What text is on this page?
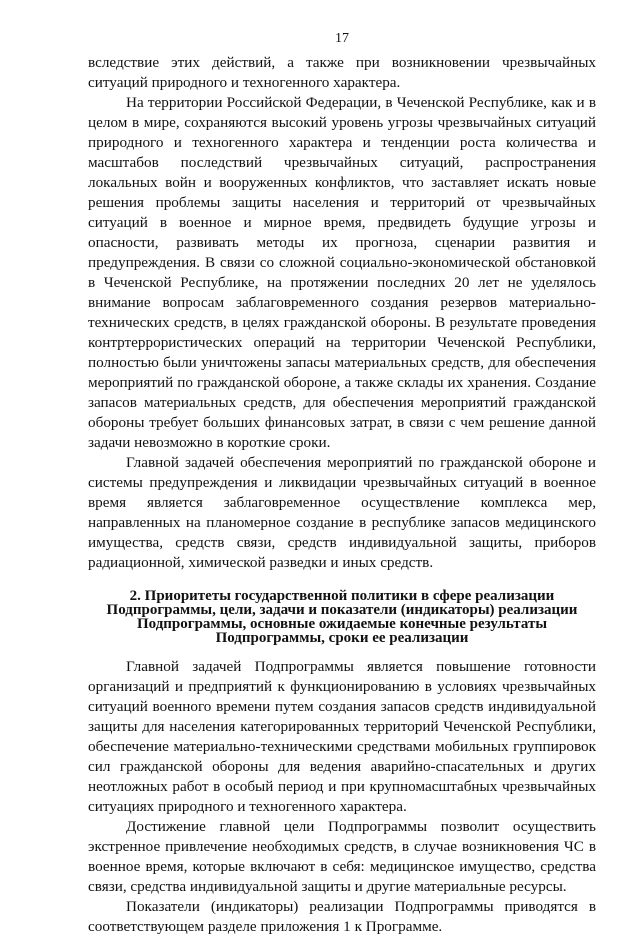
17

вследствие этих действий, а также при возникновении чрезвычайных ситуаций природного и техногенного характера.

На территории Российской Федерации, в Чеченской Республике, как и в целом в мире, сохраняются высокий уровень угрозы чрезвычайных ситуаций природного и техногенного характера и тенденции роста количества и масштабов последствий чрезвычайных ситуаций, распространения локальных войн и вооруженных конфликтов, что заставляет искать новые решения проблемы защиты населения и территорий от чрезвычайных ситуаций в военное и мирное время, предвидеть будущие угрозы и опасности, развивать методы их прогноза, сценарии развития и предупреждения. В связи со сложной социально-экономической обстановкой в Чеченской Республике, на протяжении последних 20 лет не уделялось внимание вопросам заблаговременного создания резервов материально-технических средств, в целях гражданской обороны. В результате проведения контртеррористических операций на территории Чеченской Республики, полностью были уничтожены запасы материальных средств, для обеспечения мероприятий по гражданской обороне, а также склады их хранения. Создание запасов материальных средств, для обеспечения мероприятий гражданской обороны требует больших финансовых затрат, в связи с чем решение данной задачи невозможно в короткие сроки.

Главной задачей обеспечения мероприятий по гражданской обороне и системы предупреждения и ликвидации чрезвычайных ситуаций в военное время является заблаговременное осуществление комплекса мер, направленных на планомерное создание в республике запасов медицинского имущества, средств связи, средств индивидуальной защиты, приборов радиационной, химической разведки и иных средств.

2. Приоритеты государственной политики в сфере реализации Подпрограммы, цели, задачи и показатели (индикаторы) реализации Подпрограммы, основные ожидаемые конечные результаты Подпрограммы, сроки ее реализации

Главной задачей Подпрограммы является повышение готовности организаций и предприятий к функционированию в условиях чрезвычайных ситуаций военного времени путем создания запасов средств индивидуальной защиты для населения категорированных территорий Чеченской Республики, обеспечение материально-техническими средствами мобильных группировок сил гражданской обороны для ведения аварийно-спасательных и других неотложных работ в особый период и при крупномасштабных чрезвычайных ситуациях природного и техногенного характера.

Достижение главной цели Подпрограммы позволит осуществить экстренное привлечение необходимых средств, в случае возникновения ЧС в военное время, которые включают в себя: медицинское имущество, средства связи, средства индивидуальной защиты и другие материальные ресурсы.

Показатели (индикаторы) реализации Подпрограммы приводятся в соответствующем разделе приложения 1 к Программе.
